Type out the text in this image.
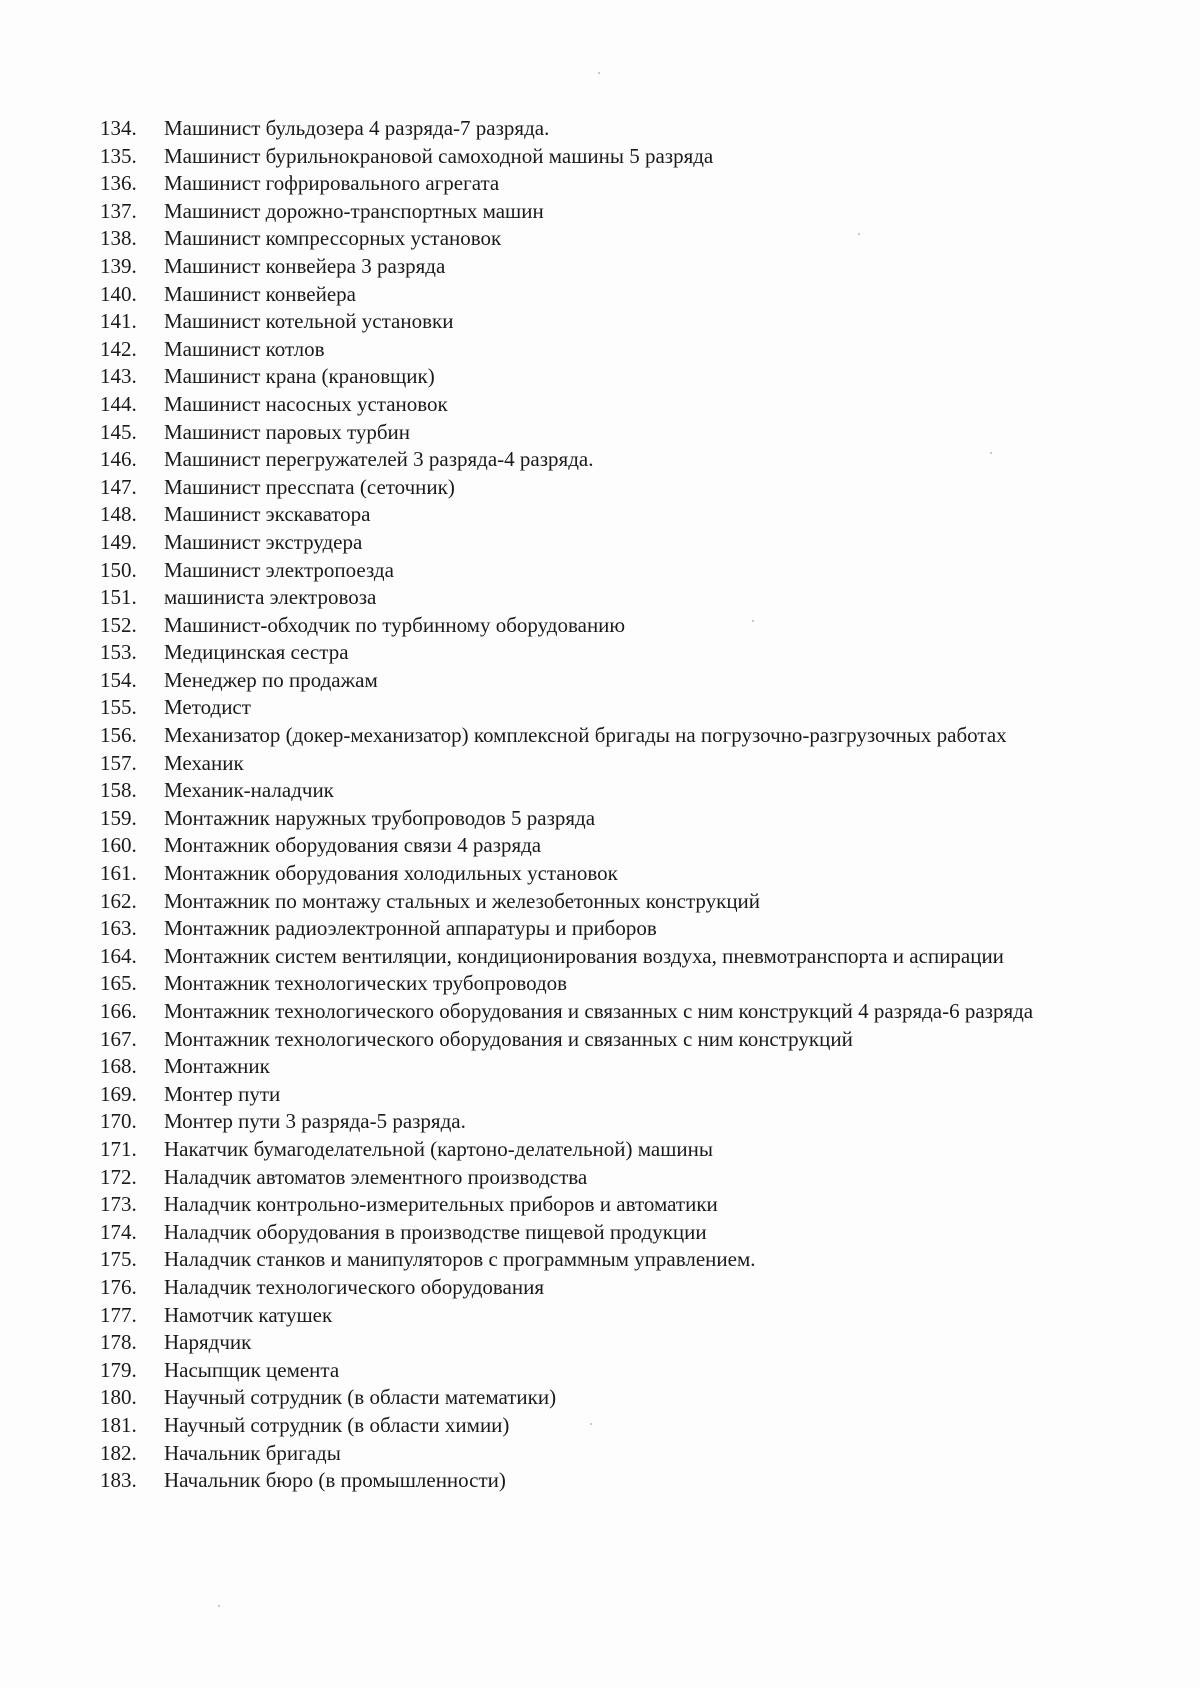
134.	Машинист бульдозера 4 разряда-7 разряда.
135.	Машинист бурильнокрановой самоходной машины 5 разряда
136.	Машинист гофрировального агрегата
137.	Машинист дорожно-транспортных машин
138.	Машинист компрессорных установок
139.	Машинист конвейера 3 разряда
140.	Машинист конвейера
141.	Машинист котельной установки
142.	Машинист котлов
143.	Машинист крана (крановщик)
144.	Машинист насосных установок
145.	Машинист паровых турбин
146.	Машинист перегружателей 3 разряда-4 разряда.
147.	Машинист пресспата (сеточник)
148.	Машинист экскаватора
149.	Машинист экструдера
150.	Машинист электропоезда
151.	машиниста электровоза
152.	Машинист-обходчик по турбинному оборудованию
153.	Медицинская сестра
154.	Менеджер по продажам
155.	Методист
156.	Механизатор (докер-механизатор) комплексной бригады на погрузочно-разгрузочных работах
157.	Механик
158.	Механик-наладчик
159.	Монтажник наружных трубопроводов 5 разряда
160.	Монтажник оборудования связи 4 разряда
161.	Монтажник оборудования холодильных установок
162.	Монтажник по монтажу стальных и железобетонных конструкций
163.	Монтажник радиоэлектронной аппаратуры и приборов
164.	Монтажник систем вентиляции, кондиционирования воздуха, пневмотранспорта и аспирации
165.	Монтажник технологических трубопроводов
166.	Монтажник технологического оборудования и связанных с ним конструкций 4 разряда-6 разряда
167.	Монтажник технологического оборудования и связанных с ним конструкций
168.	Монтажник
169.	Монтер пути
170.	Монтер пути 3 разряда-5 разряда.
171.	Накатчик бумагоделательной (картоно-делательной) машины
172.	Наладчик автоматов элементного производства
173.	Наладчик контрольно-измерительных приборов и автоматики
174.	Наладчик оборудования в производстве пищевой продукции
175.	Наладчик станков и манипуляторов с программным управлением.
176.	Наладчик технологического оборудования
177.	Намотчик катушек
178.	Нарядчик
179.	Насыпщик цемента
180.	Научный сотрудник (в области математики)
181.	Научный сотрудник (в области химии)
182.	Начальник бригады
183.	Начальник бюро (в промышленности)
